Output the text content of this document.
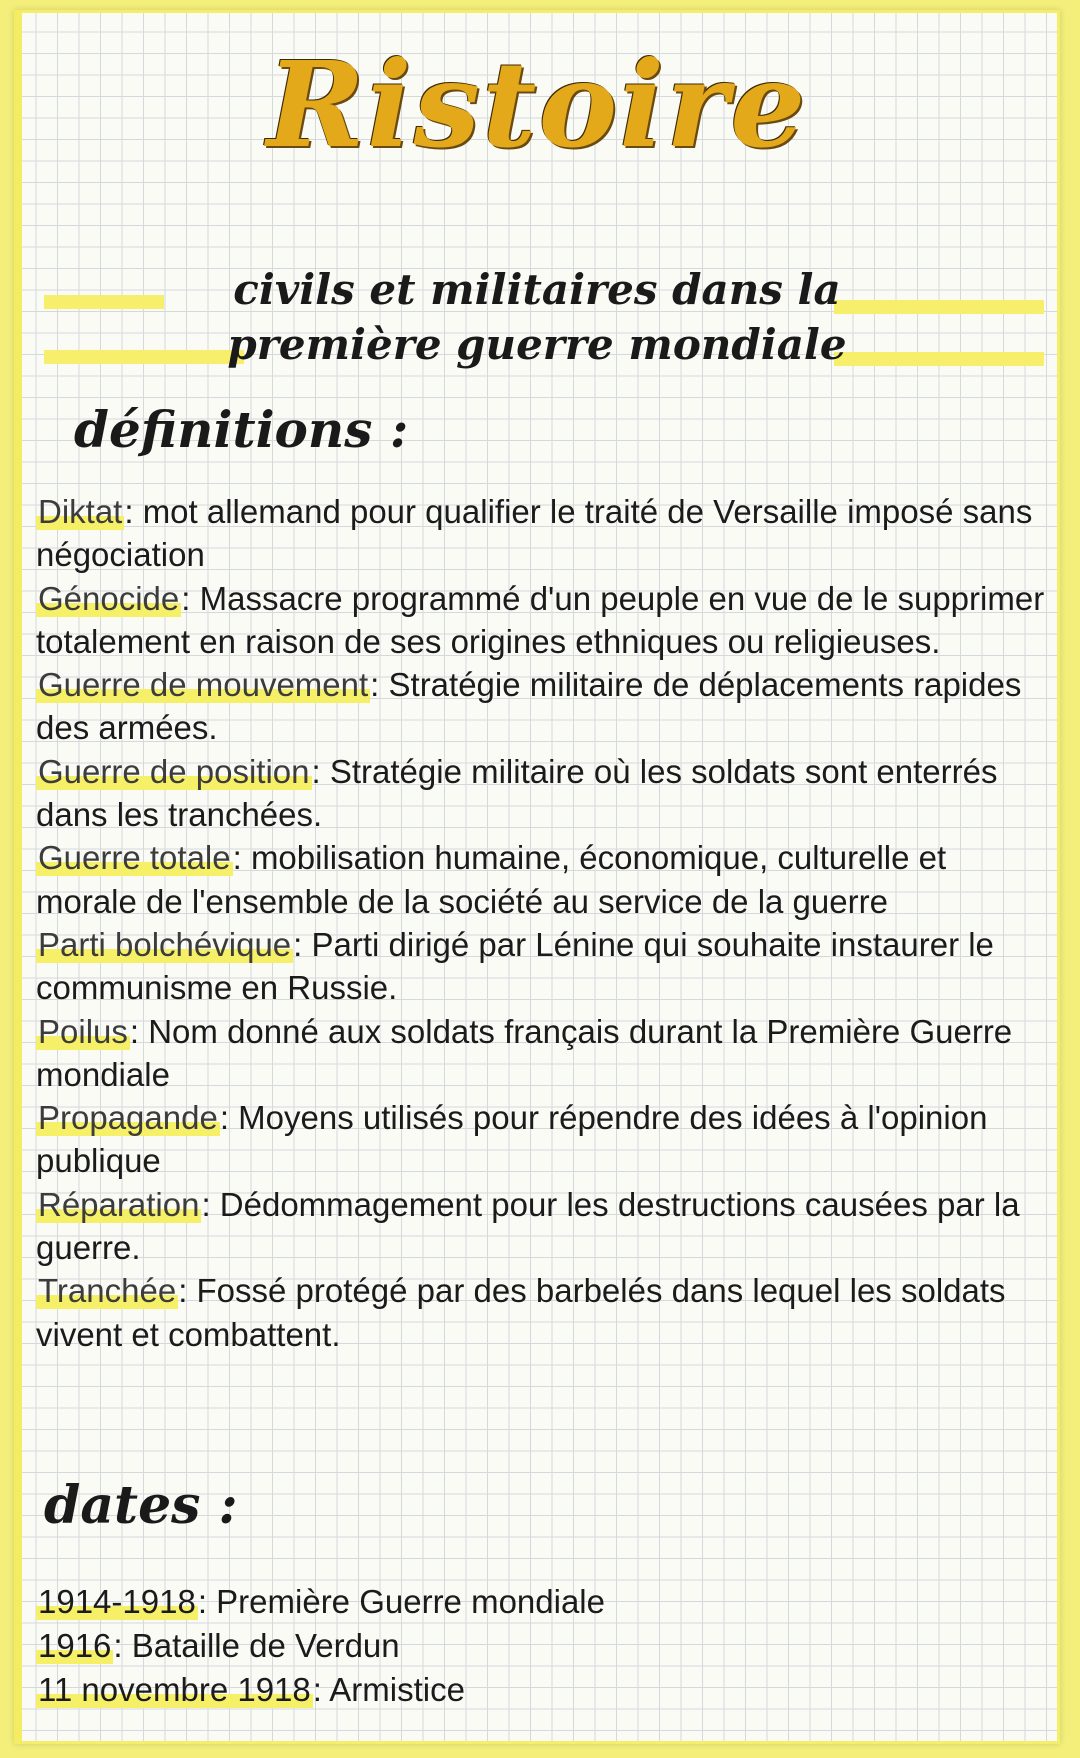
Ristoire
civils et militaires dans la
première guerre mondiale
définitions :
Diktat: mot allemand pour qualifier le traité de Versaille imposé sans négociation
Génocide: Massacre programmé d'un peuple en vue de le supprimer totalement en raison de ses origines ethniques ou religieuses.
Guerre de mouvement: Stratégie militaire de déplacements rapides des armées.
Guerre de position: Stratégie militaire où les soldats sont enterrés dans les tranchées.
Guerre totale: mobilisation humaine, économique, culturelle et morale de l'ensemble de la société au service de la guerre
Parti bolchévique: Parti dirigé par Lénine qui souhaite instaurer le communisme en Russie.
Poilus: Nom donné aux soldats français durant la Première Guerre mondiale
Propagande: Moyens utilisés pour répendre des idées à l'opinion publique
Réparation: Dédommagement pour les destructions causées par la guerre.
Tranchée: Fossé protégé par des barbelés dans lequel les soldats vivent et combattent.
dates :
1914-1918: Première Guerre mondiale
1916: Bataille de Verdun
11 novembre 1918: Armistice
